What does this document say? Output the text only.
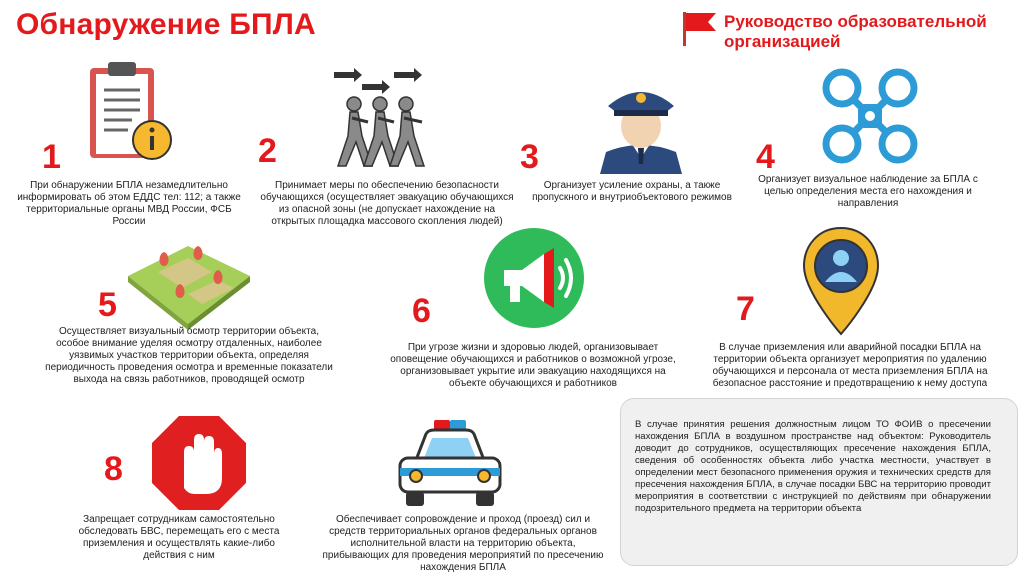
Обнаружение БПЛА	Руководство образовательной организацией
1
При обнаружении БПЛА незамедлительно информировать об этом ЕДДС тел: 112; а также территориальные органы МВД России, ФСБ России
2
Принимает меры по обеспечению безопасности обучающихся (осуществляет эвакуацию обучающихся из опасной зоны (не допускает нахождение на открытых площадка массового скопления людей)
3
Организует усиление охраны, а также пропускного и внутриобъектового режимов
4
Организует визуальное наблюдение за БПЛА с целью определения места его нахождения и направления
5
Осуществляет визуальный осмотр территории объекта, особое внимание уделяя осмотру отдаленных, наиболее уязвимых участков территории объекта, определяя периодичность проведения осмотра и временные показатели выхода на связь работников, проводящей осмотр
6
При угрозе жизни и здоровью людей, организовывает оповещение обучающихся и работников о возможной угрозе, организовывает укрытие или эвакуацию находящихся на объекте обучающихся и работников
7
В случае приземления или аварийной посадки БПЛА на территории объекта организует мероприятия по удалению обучающихся и персонала от места приземления БПЛА на безопасное расстояние и предотвращению к нему доступа
8
Запрещает сотрудникам самостоятельно обследовать БВС, перемещать его с места приземления и осуществлять какие-либо действия с ним
Обеспечивает сопровождение и проход (проезд) сил и средств территориальных органов федеральных органов исполнительной власти на территорию объекта, прибывающих для проведения мероприятий по пресечению нахождения БПЛА
В случае принятия решения должностным лицом ТО ФОИВ о пресечении нахождения БПЛА в воздушном пространстве над объектом: Руководитель доводит до сотрудников, осуществляющих пресечение нахождения БПЛА, сведения об особенностях объекта либо участка местности, участвует в определении мест безопасного применения оружия и технических средств для пресечения нахождения БПЛА, в случае посадки БВС на территорию проводит мероприятия в соответствии с инструкцией по действиям при обнаружении подозрительного предмета на территории объекта
